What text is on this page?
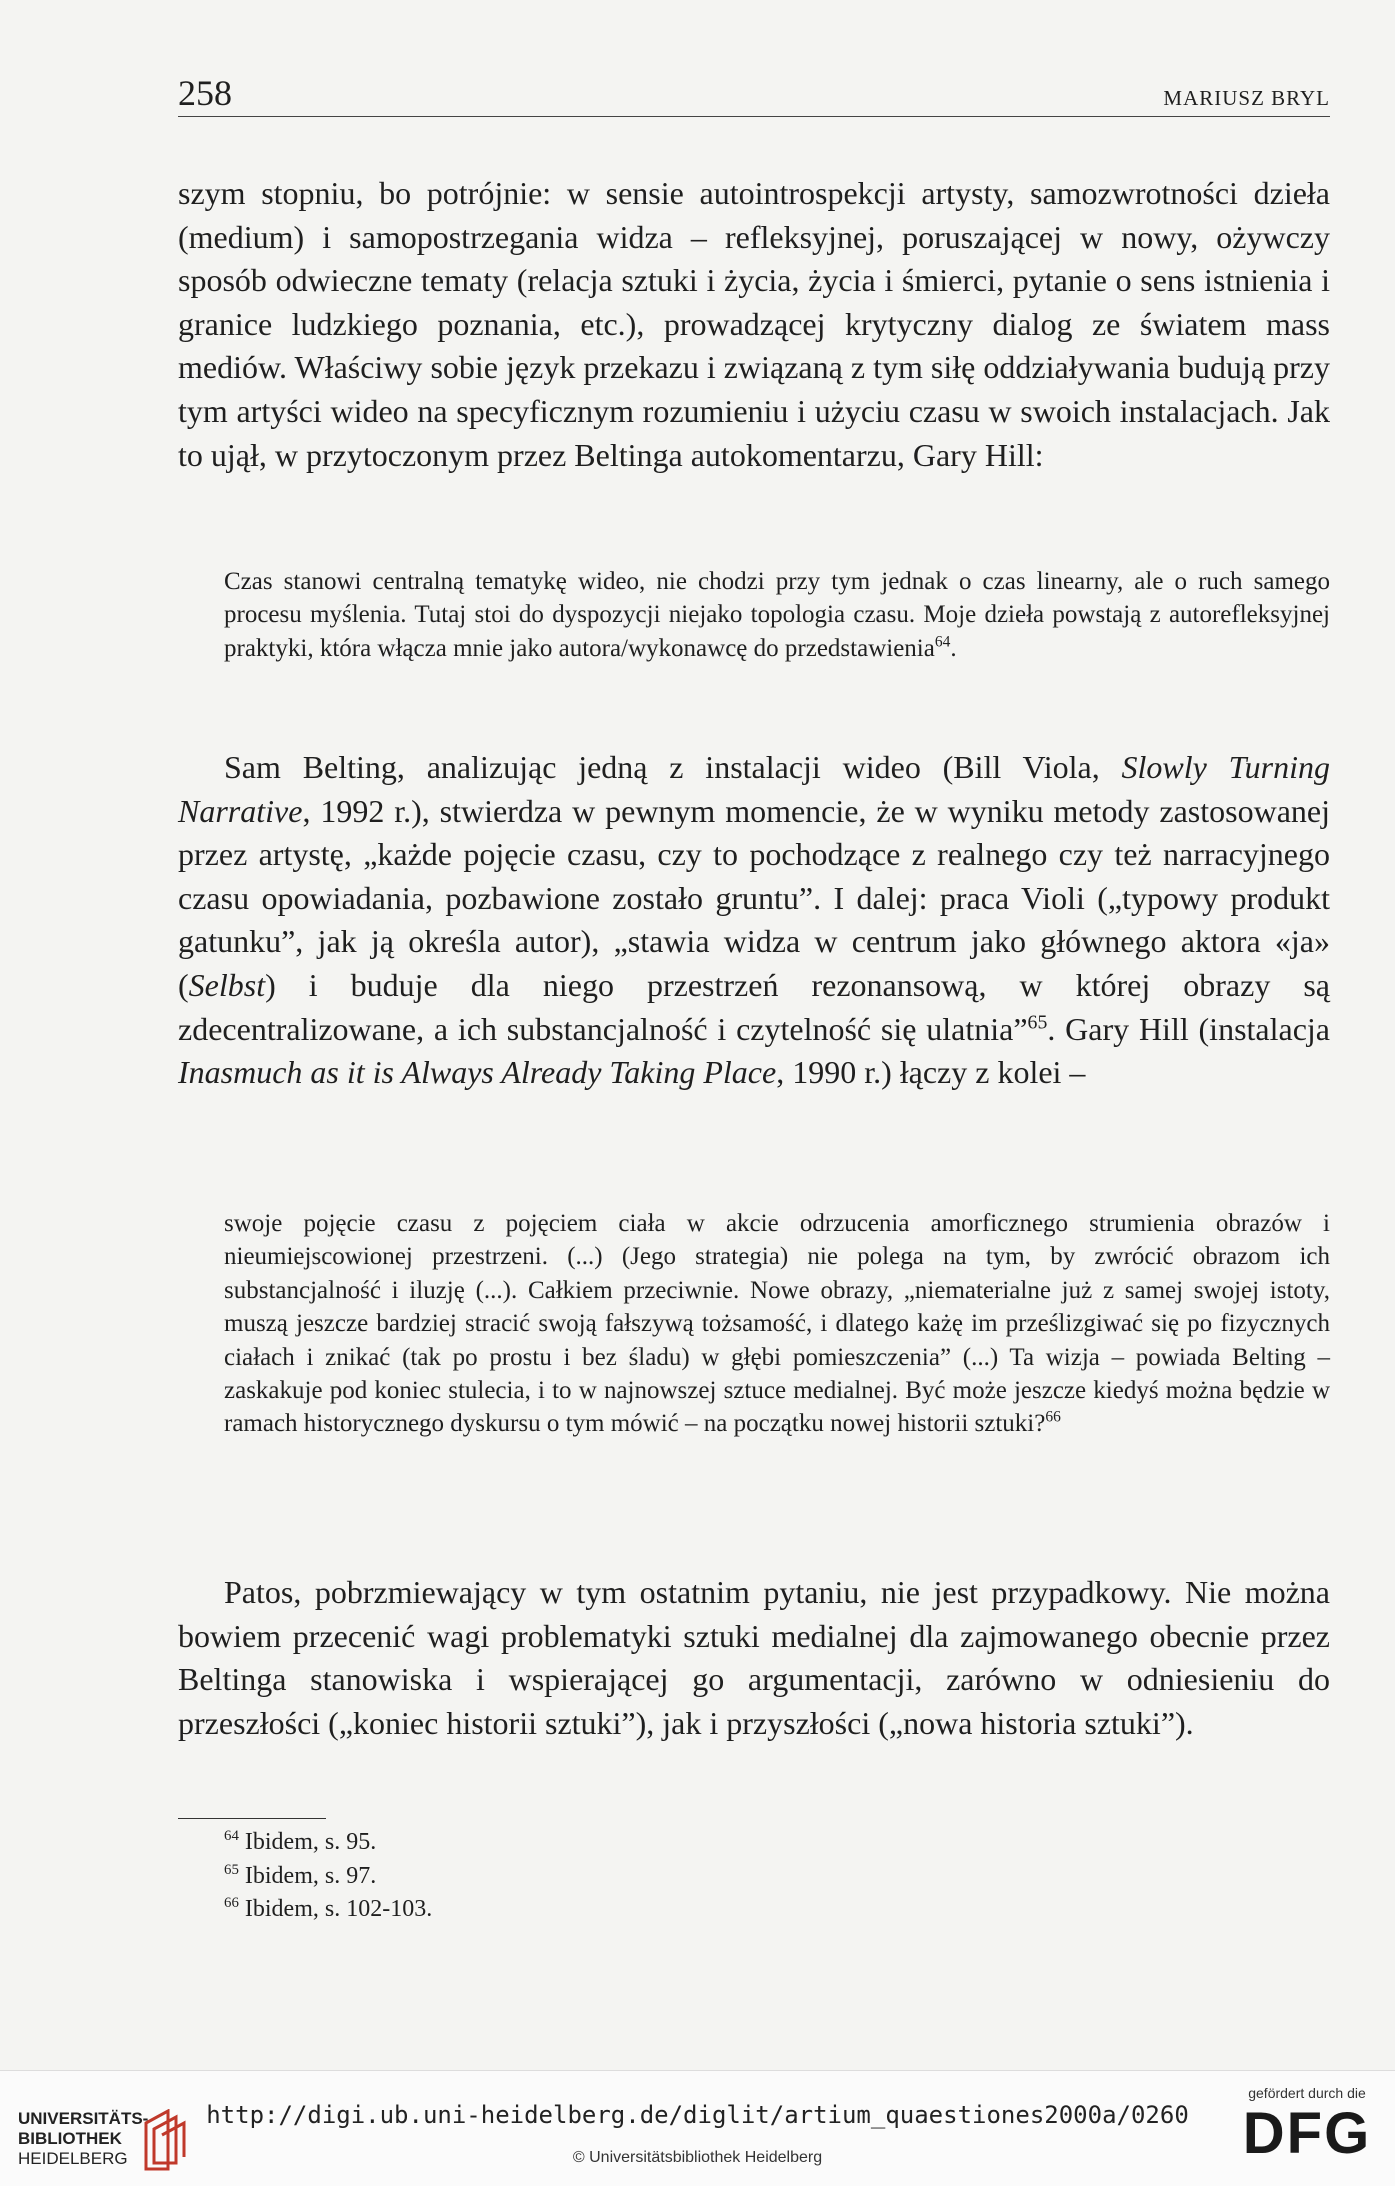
258	MARIUSZ BRYL

szym stopniu, bo potrójnie: w sensie autointrospekcji artysty, samozwrotności dzieła (medium) i samopostrzegania widza – refleksyjnej, poruszającej w nowy, ożywczy sposób odwieczne tematy (relacja sztuki i życia, życia i śmierci, pytanie o sens istnienia i granice ludzkiego poznania, etc.), prowadzącej krytyczny dialog ze światem mass mediów. Właściwy sobie język przekazu i związaną z tym siłę oddziaływania budują przy tym artyści wideo na specyficznym rozumieniu i użyciu czasu w swoich instalacjach. Jak to ujął, w przytoczonym przez Beltinga autokomentarzu, Gary Hill:

Czas stanowi centralną tematykę wideo, nie chodzi przy tym jednak o czas linearny, ale o ruch samego procesu myślenia. Tutaj stoi do dyspozycji niejako topologia czasu. Moje dzieła powstają z autorefleksyjnej praktyki, która włącza mnie jako autora/wykonawcę do przedstawienia$^{64}$.

Sam Belting, analizując jedną z instalacji wideo (Bill Viola, Slowly Turning Narrative, 1992 r.), stwierdza w pewnym momencie, że w wyniku metody zastosowanej przez artystę, „każde pojęcie czasu, czy to pochodzące z realnego czy też narracyjnego czasu opowiadania, pozbawione zostało gruntu”. I dalej: praca Violi („typowy produkt gatunku”, jak ją określa autor), „stawia widza w centrum jako głównego aktora «ja» (Selbst) i buduje dla niego przestrzeń rezonansową, w której obrazy są zdecentralizowane, a ich substancjalność i czytelność się ulatnia”$^{65}$. Gary Hill (instalacja Inasmuch as it is Always Already Taking Place, 1990 r.) łączy z kolei –

swoje pojęcie czasu z pojęciem ciała w akcie odrzucenia amorficznego strumienia obrazów i nieumiejscowionej przestrzeni. (...) (Jego strategia) nie polega na tym, by zwrócić obrazom ich substancjalność i iluzję (...). Całkiem przeciwnie. Nowe obrazy, „niematerialne już z samej swojej istoty, muszą jeszcze bardziej stracić swoją fałszywą tożsamość, i dlatego każę im prześlizgiwać się po fizycznych ciałach i znikać (tak po prostu i bez śladu) w głębi pomieszczenia” (...) Ta wizja – powiada Belting – zaskakuje pod koniec stulecia, i to w najnowszej sztuce medialnej. Być może jeszcze kiedyś można będzie w ramach historycznego dyskursu o tym mówić – na początku nowej historii sztuki?$^{66}$

Patos, pobrzmiewający w tym ostatnim pytaniu, nie jest przypadkowy. Nie można bowiem przecenić wagi problematyki sztuki medialnej dla zajmowanego obecnie przez Beltinga stanowiska i wspierającej go argumentacji, zarówno w odniesieniu do przeszłości („koniec historii sztuki”), jak i przyszłości („nowa historia sztuki”).

$^{64}$ Ibidem, s. 95.
$^{65}$ Ibidem, s. 97.
$^{66}$ Ibidem, s. 102-103.
UNIVERSITÄTS-
BIBLIOTHEK
HEIDELBERG
http://digi.ub.uni-heidelberg.de/diglit/artium_quaestiones2000a/0260
© Universitätsbibliothek Heidelberg
gefördert durch die
DFG
